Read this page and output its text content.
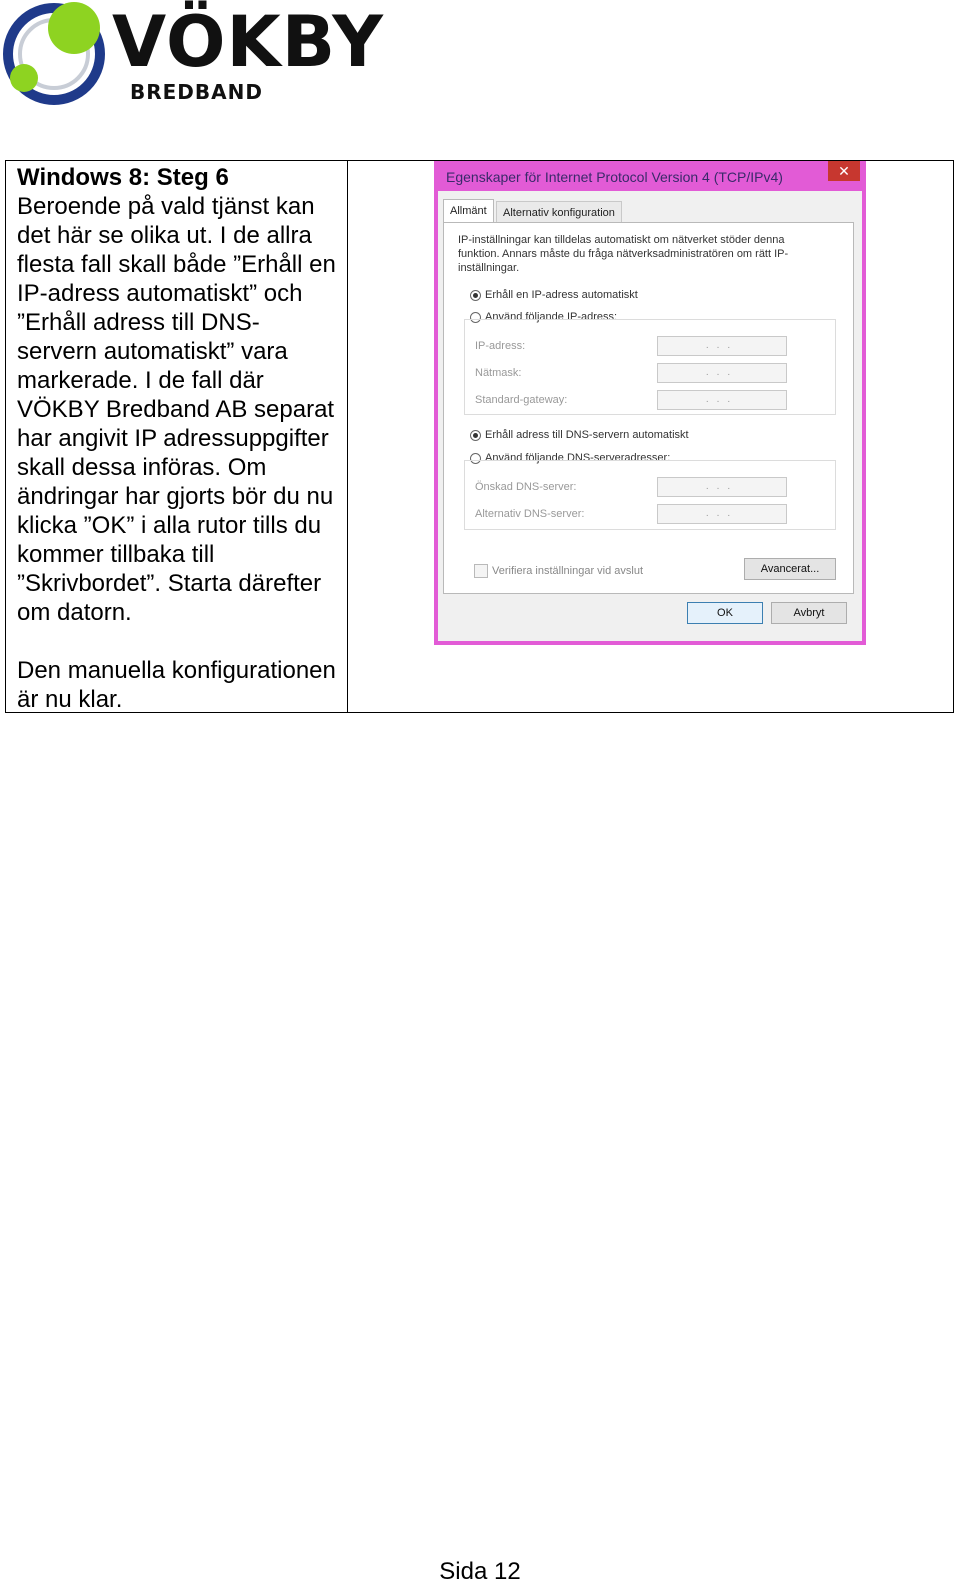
VÖKBY
BREDBAND
Windows 8: Steg 6
Beroende på vald tjänst kan det här se olika ut. I de allra flesta fall skall både ”Erhåll en IP-adress automatiskt” och ”Erhåll adress till DNS-servern automatiskt” vara markerade. I de fall där VÖKBY Bredband AB separat har angivit IP adressuppgifter skall dessa införas. Om ändringar har gjorts bör du nu klicka ”OK” i alla rutor tills du kommer tillbaka till ”Skrivbordet”. Starta därefter om datorn.
Den manuella konfigurationen är nu klar.
Egenskaper för Internet Protocol Version 4 (TCP/IPv4)	✕
Allmänt	Alternativ konfiguration
IP-inställningar kan tilldelas automatiskt om nätverket stöder denna funktion. Annars måste du fråga nätverksadministratören om rätt IP-inställningar.
Erhåll en IP-adress automatiskt
Använd följande IP-adress:
IP-adress:	...
Nätmask:	...
Standard-gateway:	...
Erhåll adress till DNS-servern automatiskt
Använd följande DNS-serveradresser:
Önskad DNS-server:	...
Alternativ DNS-server:	...
Verifiera inställningar vid avslut	Avancerat...
OK	Avbryt
Sida 12
